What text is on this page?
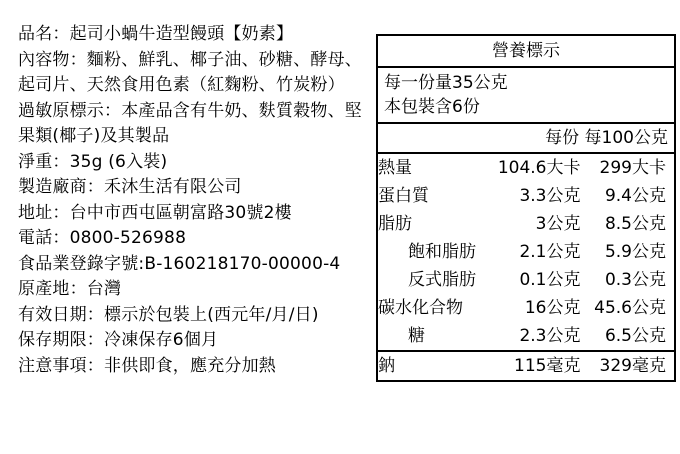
品名：起司小蝸牛造型饅頭【奶素】
內容物：麵粉、鮮乳、椰子油、砂糖、酵母、起司片、天然食用色素（紅麴粉、竹炭粉）
過敏原標示：本產品含有牛奶、麩質穀物、堅果類(椰子)及其製品
淨重：35g (6入裝)
製造廠商：禾沐生活有限公司
地址：台中市西屯區朝富路30號2樓
電話：0800-526988
食品業登錄字號:B-160218170-00000-4
原產地：台灣
有效日期：標示於包裝上(西元年/月/日)
保存期限：冷凍保存6個月
注意事項：非供即食，應充分加熱
營養標示
每一份量35公克
本包裝含6份
每份 每100公克
熱量	104.6	大卡	299	大卡
蛋白質	3.3	公克	9.4	公克
脂肪	3	公克	8.5	公克
飽和脂肪	2.1	公克	5.9	公克
反式脂肪	0.1	公克	0.3	公克
碳水化合物	16	公克	45.6	公克
糖	2.3	公克	6.5	公克
鈉	115	毫克	329	毫克
